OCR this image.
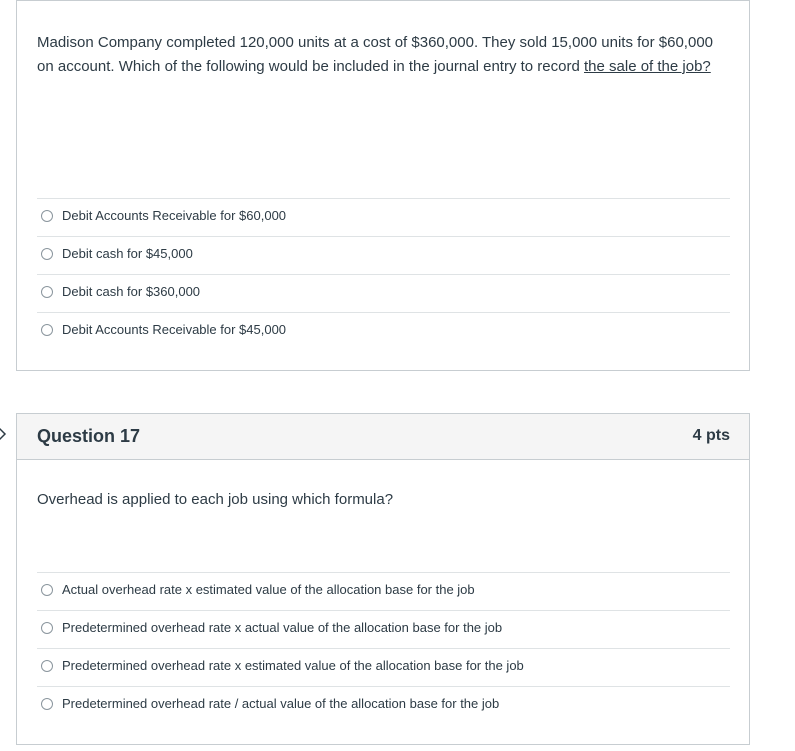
Madison Company completed 120,000 units at a cost of $360,000. They sold 15,000 units for $60,000 on account. Which of the following would be included in the journal entry to record the sale of the job?
Debit Accounts Receivable for $60,000
Debit cash for $45,000
Debit cash for $360,000
Debit Accounts Receivable for $45,000
Question 17	4 pts
Overhead is applied to each job using which formula?
Actual overhead rate x estimated value of the allocation base for the job
Predetermined overhead rate x actual value of the allocation base for the job
Predetermined overhead rate x estimated value of the allocation base for the job
Predetermined overhead rate / actual value of the allocation base for the job
